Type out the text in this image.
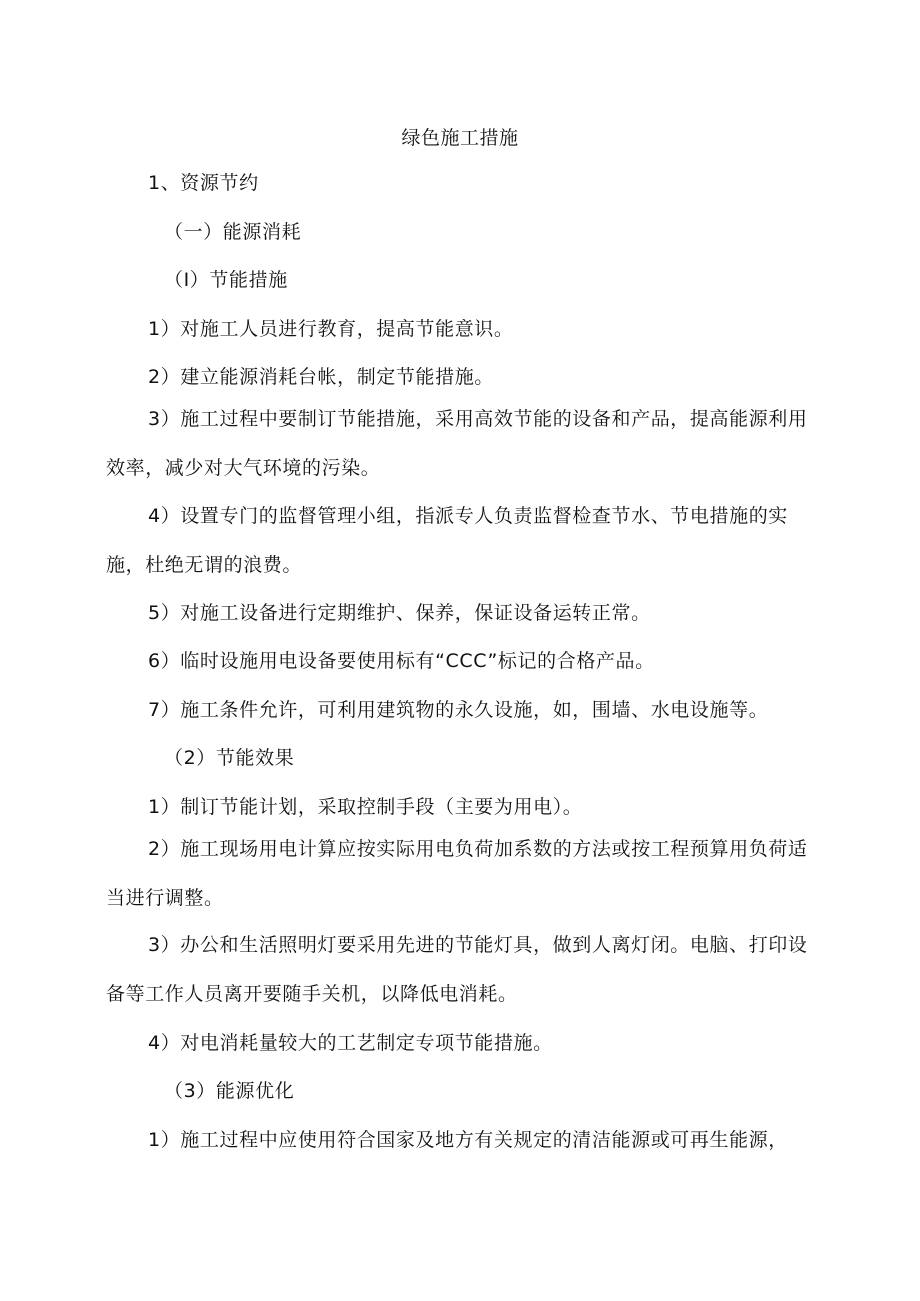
绿色施工措施
1、资源节约
（一）能源消耗
（I）节能措施
1）对施工人员进行教育，提高节能意识。
2）建立能源消耗台帐，制定节能措施。
3）施工过程中要制订节能措施，采用高效节能的设备和产品，提高能源利用效率，减少对大气环境的污染。
4）设置专门的监督管理小组，指派专人负责监督检查节水、节电措施的实施，杜绝无谓的浪费。
5）对施工设备进行定期维护、保养，保证设备运转正常。
6）临时设施用电设备要使用标有“CCC”标记的合格产品。
7）施工条件允许，可利用建筑物的永久设施，如，围墙、水电设施等。
（2）节能效果
1）制订节能计划，采取控制手段（主要为用电）。
2）施工现场用电计算应按实际用电负荷加系数的方法或按工程预算用负荷适当进行调整。
3）办公和生活照明灯要采用先进的节能灯具，做到人离灯闭。电脑、打印设备等工作人员离开要随手关机，以降低电消耗。
4）对电消耗量较大的工艺制定专项节能措施。
（3）能源优化
1）施工过程中应使用符合国家及地方有关规定的清洁能源或可再生能源，
